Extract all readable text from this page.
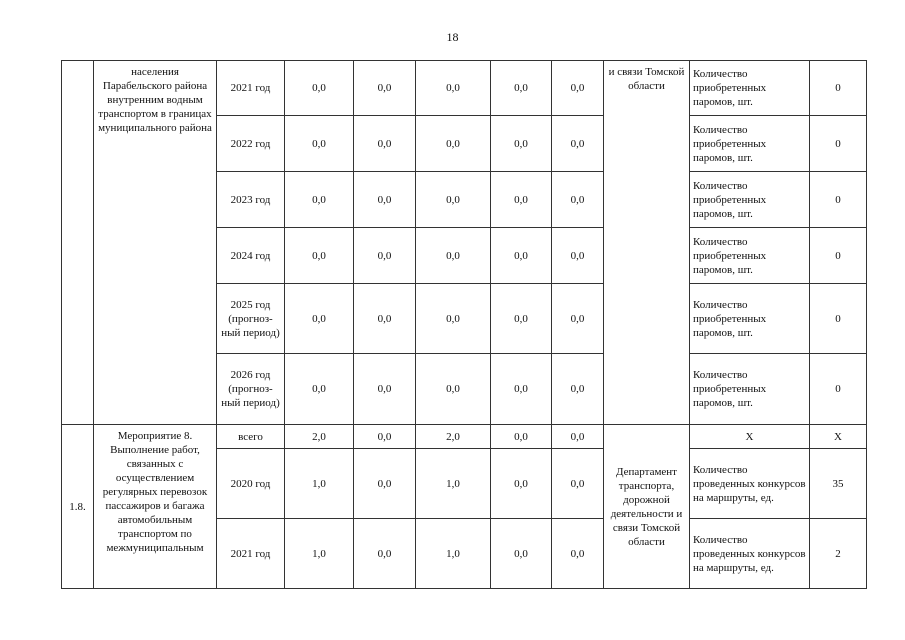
18
	населения Парабельского района внутренним водным транспортом в границах муниципального района	2021 год	0,0	0,0	0,0	0,0	0,0	и связи Томской области	Количество приобретенных паромов, шт.	0
		2022 год	0,0	0,0	0,0	0,0	0,0		Количество приобретенных паромов, шт.	0
		2023 год	0,0	0,0	0,0	0,0	0,0		Количество приобретенных паромов, шт.	0
		2024 год	0,0	0,0	0,0	0,0	0,0		Количество приобретенных паромов, шт.	0
		2025 год (прогноз-ный период)	0,0	0,0	0,0	0,0	0,0		Количество приобретенных паромов, шт.	0
		2026 год (прогноз-ный период)	0,0	0,0	0,0	0,0	0,0		Количество приобретенных паромов, шт.	0
1.8.	Мероприятие 8. Выполнение работ, связанных с осуществлением регулярных перевозок пассажиров и багажа автомобильным транспортом по межмуниципальным	всего	2,0	0,0	2,0	0,0	0,0	Департамент транспорта, дорожной деятельности и связи Томской области	Х	Х
		2020 год	1,0	0,0	1,0	0,0	0,0		Количество проведенных конкурсов на маршруты, ед.	35
		2021 год	1,0	0,0	1,0	0,0	0,0		Количество проведенных конкурсов на маршруты, ед.	2
